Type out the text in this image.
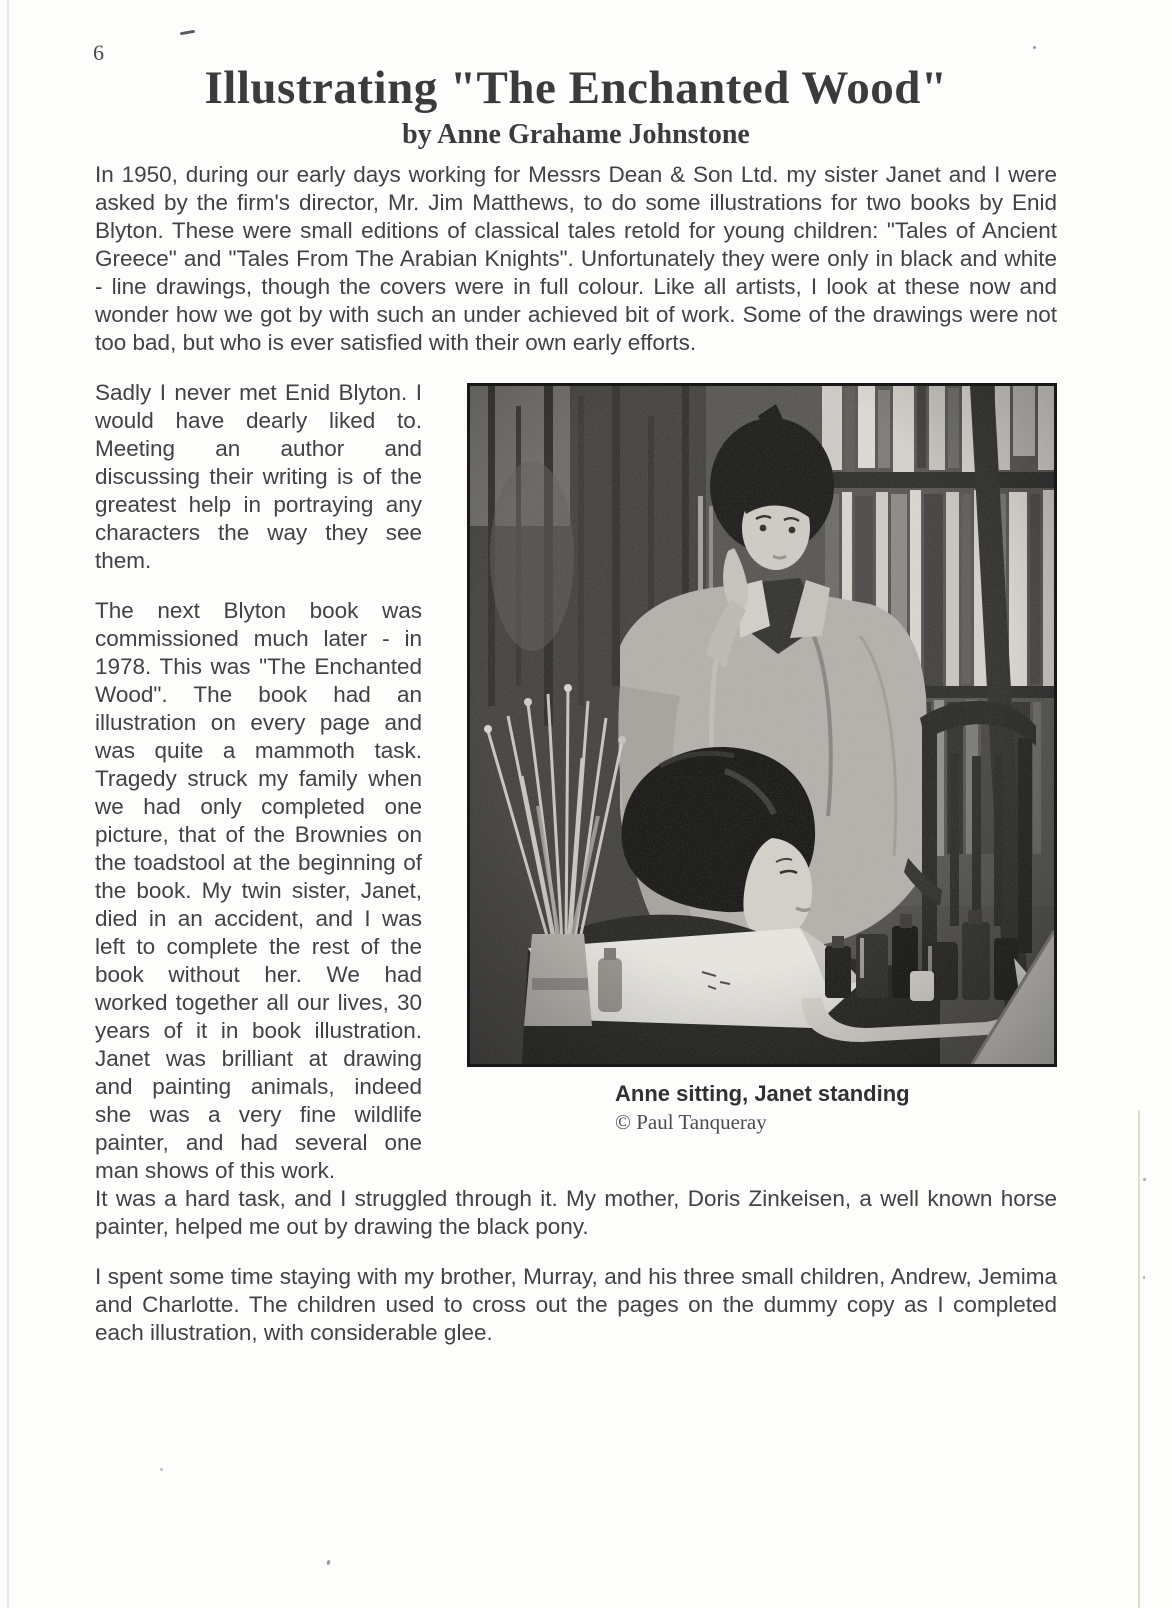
6
Illustrating "The Enchanted Wood"
by Anne Grahame Johnstone

In 1950, during our early days working for Messrs Dean & Son Ltd. my sister Janet and I were asked by the firm's director, Mr. Jim Matthews, to do some illustrations for two books by Enid Blyton. These were small editions of classical tales retold for young children: "Tales of Ancient Greece" and "Tales From The Arabian Knights". Unfortunately they were only in black and white - line drawings, though the covers were in full colour. Like all artists, I look at these now and wonder how we got by with such an under achieved bit of work. Some of the drawings were not too bad, but who is ever satisfied with their own early efforts.

Anne sitting, Janet standing
© Paul Tanqueray

Sadly I never met Enid Blyton. I would have dearly liked to. Meeting an author and discussing their writing is of the greatest help in portraying any characters the way they see them.

The next Blyton book was commissioned much later - in 1978. This was "The Enchanted Wood". The book had an illustration on every page and was quite a mammoth task. Tragedy struck my family when we had only completed one picture, that of the Brownies on the toadstool at the beginning of the book. My twin sister, Janet, died in an accident, and I was left to complete the rest of the book without her. We had worked together all our lives, 30 years of it in book illustration. Janet was brilliant at drawing and painting animals, indeed she was a very fine wildlife painter, and had several one man shows of this work.

It was a hard task, and I struggled through it. My mother, Doris Zinkeisen, a well known horse painter, helped me out by drawing the black pony.

I spent some time staying with my brother, Murray, and his three small children, Andrew, Jemima and Charlotte. The children used to cross out the pages on the dummy copy as I completed each illustration, with considerable glee.
